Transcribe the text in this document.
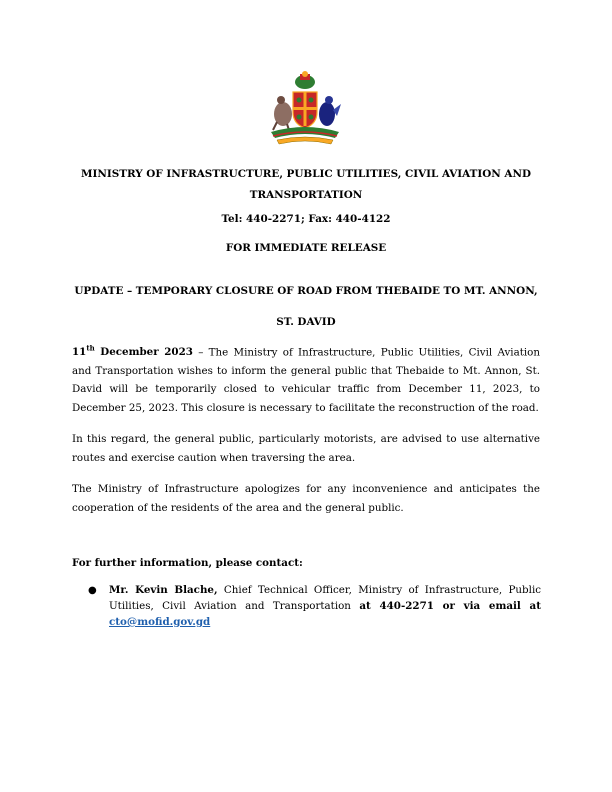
MINISTRY OF INFRASTRUCTURE, PUBLIC UTILITIES, CIVIL AVIATION AND TRANSPORTATION
Tel: 440-2271; Fax: 440-4122
FOR IMMEDIATE RELEASE
UPDATE – TEMPORARY CLOSURE OF ROAD FROM THEBAIDE TO MT. ANNON,
ST. DAVID
11th December 2023 – The Ministry of Infrastructure, Public Utilities, Civil Aviation and Transportation wishes to inform the general public that Thebaide to Mt. Annon, St. David will be temporarily closed to vehicular traffic from December 11, 2023, to December 25, 2023. This closure is necessary to facilitate the reconstruction of the road.
In this regard, the general public, particularly motorists, are advised to use alternative routes and exercise caution when traversing the area.
The Ministry of Infrastructure apologizes for any inconvenience and anticipates the cooperation of the residents of the area and the general public.
For further information, please contact:
● Mr. Kevin Blache, Chief Technical Officer, Ministry of Infrastructure, Public Utilities, Civil Aviation and Transportation at 440-2271 or via email at cto@mofid.gov.gd
